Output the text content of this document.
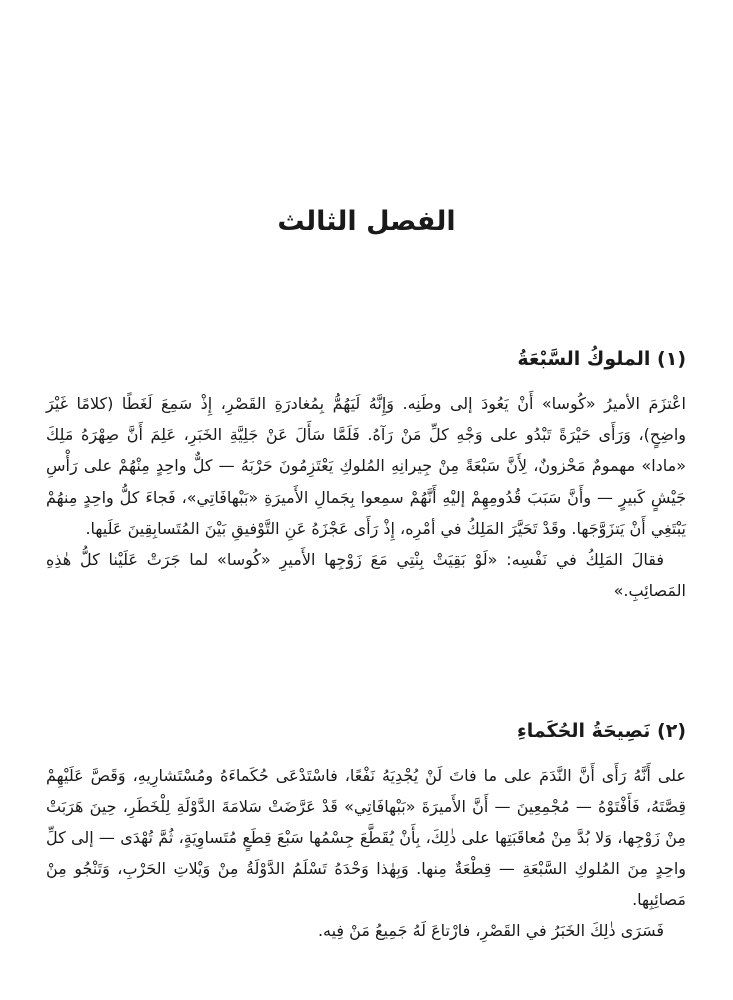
الفصل الثالث
(١) الملوكُ السَّبْعَةُ

اعْتزَمَ الأميرُ «كُوسا» أَنْ يَعُودَ إلى وطَنِه. وَإِنَّهُ لَيَهُمُّ بِمُغادرَةِ القَصْرِ، إِذْ سَمِعَ لَغَطًا (كلامًا غَيْرَ واضِحٍ)، وَرَأَى حَيْرَةً تَبْدُو على وَجْهِ كلِّ مَنْ رَآهُ. فَلَمَّا سَأَلَ عَنْ جَلِيَّةِ الخَبَرِ، عَلِمَ أَنَّ صِهْرَهُ مَلِكَ «مادا» مهمومٌ مَحْزونٌ، لِأَنَّ سَبْعَةً مِنْ جِيرانِهِ المُلوكِ يَعْتَزِمُونَ حَرْبَهُ — كلٌّ واحِدٍ مِنْهُمْ على رَأْسِ جَيْشٍ كَبيرٍ — وأَنَّ سَبَبَ قُدُومِهِمْ إليْهِ أَنَّهُمْ سمِعوا بِجَمالِ الأَميرَةِ «بَبْهافَاتِي»، فَجاءَ كلُّ واحِدٍ مِنهُمْ يَبْتَغِي أَنْ يَتزَوَّجَها. وقَدْ تَحَيَّرَ المَلِكُ في أمْرِه، إِذْ رَأَى عَجْزَهُ عَنِ التَّوْفيقِ بَيْنَ المُتَسابِقِينَ عَلَيها.

فقالَ المَلِكُ في نَفْسِه: «لَوْ بَقِيَتْ بِنْتِي مَعَ زَوْجِها الأَميرِ «كُوسا» لما جَرَتْ عَلَيْنا كلُّ هٰذِهِ المَصائِبِ.»

(٢) نَصِيحَةُ الحُكَماءِ

على أَنَّهُ رَأَى أَنَّ النَّدَمَ على ما فاتَ لَنْ يُجْدِيَهُ نَفْعًا، فاسْتَدْعَى حُكَماءَهُ ومُسْتَشارِيهِ، وَقَصَّ عَلَيْهِمْ قِصَّتَهُ، فَأَفْتَوْهُ — مُجْمِعِينَ — أَنَّ الأَميرَةَ «بَبْهافَاتِي» قَدْ عَرَّضَتْ سَلامَةَ الدَّوْلَةِ لِلْخَطَرِ، حِينَ هَرَبَتْ مِنْ زَوْجِها، وَلا بُدَّ مِنْ مُعاقَبَتِها على ذٰلِكَ، بِأَنْ يُقَطَّعَ جِسْمُها سَبْعَ قِطَعٍ مُتَساوِيَةٍ، ثُمَّ تُهْدَى — إلى كلِّ واحِدٍ مِنَ المُلوكِ السَّبْعَةِ — قِطْعَةٌ مِنها. وَبِهٰذا وَحْدَهُ تَسْلَمُ الدَّوْلَةُ مِنْ وَيْلاتِ الحَرْبِ، وَتَنْجُو مِنْ مَصائِبِها.

فَسَرَى ذٰلِكَ الخَبَرُ في القَصْرِ، فارْتاعَ لَهُ جَمِيعُ مَنْ فِيه.
